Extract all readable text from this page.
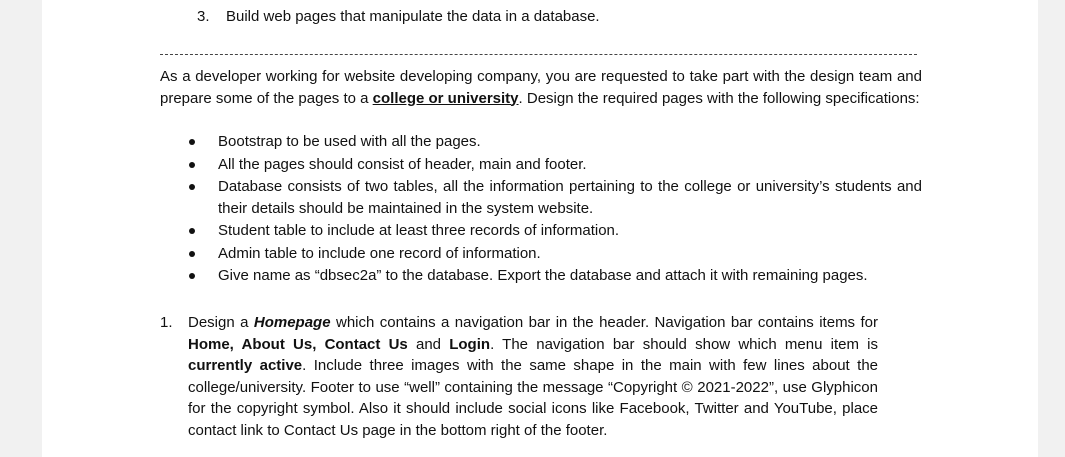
3. Build web pages that manipulate the data in a database.
As a developer working for website developing company, you are requested to take part with the design team and prepare some of the pages to a college or university. Design the required pages with the following specifications:
Bootstrap to be used with all the pages.
All the pages should consist of header, main and footer.
Database consists of two tables, all the information pertaining to the college or university’s students and their details should be maintained in the system website.
Student table to include at least three records of information.
Admin table to include one record of information.
Give name as “dbsec2a” to the database. Export the database and attach it with remaining pages.
1. Design a Homepage which contains a navigation bar in the header. Navigation bar contains items for Home, About Us, Contact Us and Login. The navigation bar should show which menu item is currently active. Include three images with the same shape in the main with few lines about the college/university. Footer to use “well” containing the message “Copyright © 2021-2022”, use Glyphicon for the copyright symbol. Also it should include social icons like Facebook, Twitter and YouTube, place contact link to Contact Us page in the bottom right of the footer.
